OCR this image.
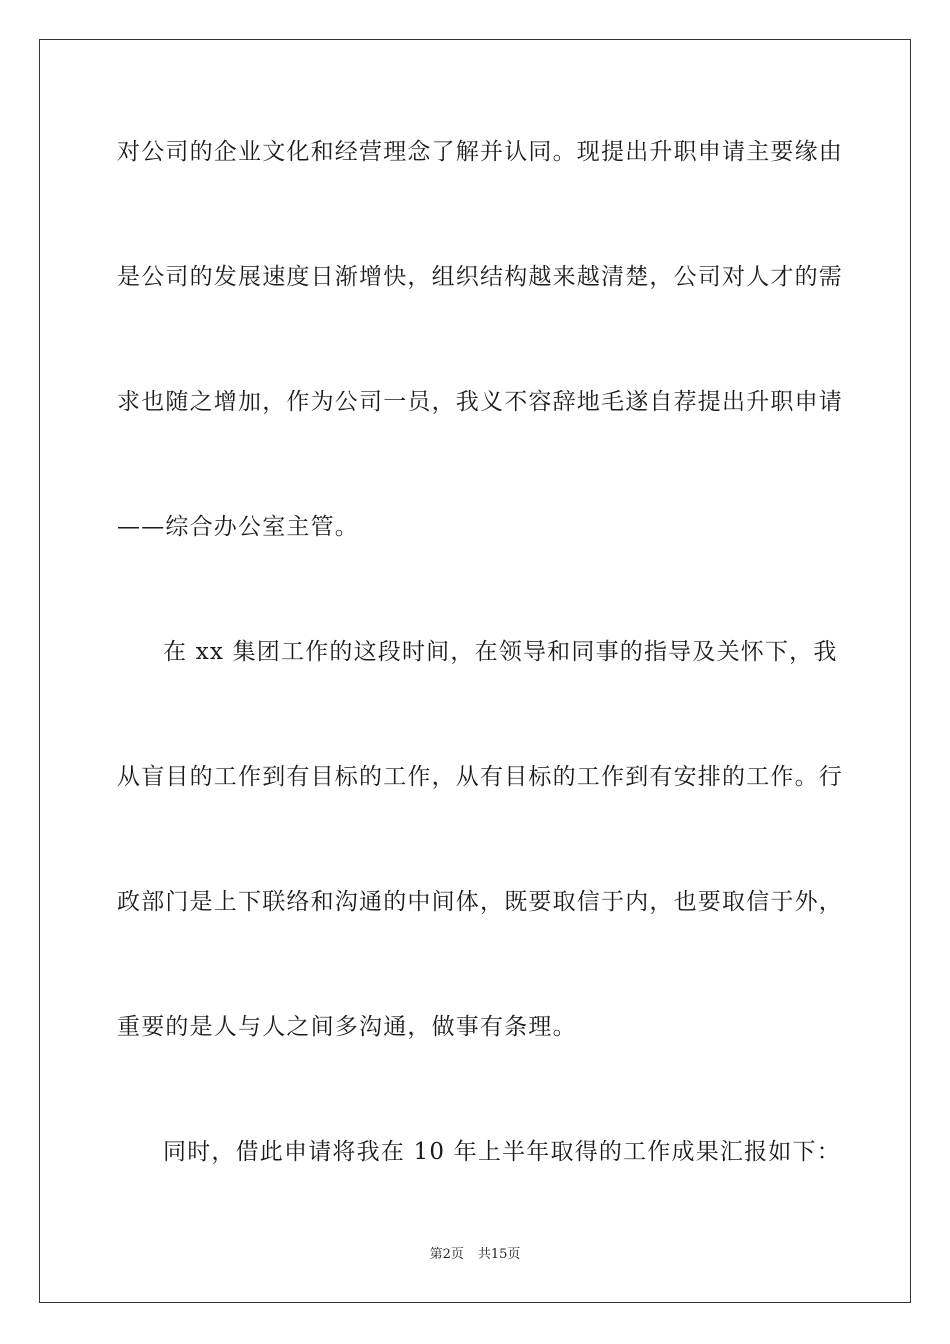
对公司的企业文化和经营理念了解并认同。现提出升职申请主要缘由
是公司的发展速度日渐增快，组织结构越来越清楚，公司对人才的需
求也随之增加，作为公司一员，我义不容辞地毛遂自荐提出升职申请
——综合办公室主管。
在 xx 集团工作的这段时间，在领导和同事的指导及关怀下，我
从盲目的工作到有目标的工作，从有目标的工作到有安排的工作。行
政部门是上下联络和沟通的中间体，既要取信于内，也要取信于外，
重要的是人与人之间多沟通，做事有条理。
同时，借此申请将我在 10 年上半年取得的工作成果汇报如下：
第2页 共15页
